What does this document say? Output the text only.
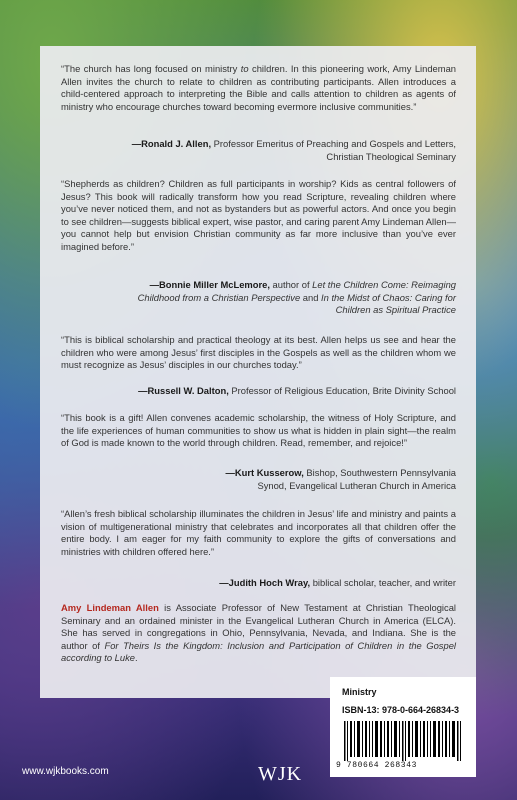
“The church has long focused on ministry to children. In this pioneering work, Amy Lindeman Allen invites the church to relate to children as contributing participants. Allen introduces a child-centered approach to interpreting the Bible and calls attention to children as agents of ministry who encourage churches toward becoming evermore inclusive communities.”
—Ronald J. Allen, Professor Emeritus of Preaching and Gospels and Letters, Christian Theological Seminary
“Shepherds as children? Children as full participants in worship? Kids as central followers of Jesus? This book will radically transform how you read Scripture, revealing children where you’ve never noticed them, and not as bystanders but as powerful actors. And once you begin to see children—suggests biblical expert, wise pastor, and caring parent Amy Lindeman Allen—you cannot help but envision Christian community as far more inclusive than you’ve ever imagined before.”
—Bonnie Miller McLemore, author of Let the Children Come: Reimaging Childhood from a Christian Perspective and In the Midst of Chaos: Caring for Children as Spiritual Practice
“This is biblical scholarship and practical theology at its best. Allen helps us see and hear the children who were among Jesus’ first disciples in the Gospels as well as the children whom we must recognize as Jesus’ disciples in our churches today.”
—Russell W. Dalton, Professor of Religious Education, Brite Divinity School
“This book is a gift! Allen convenes academic scholarship, the witness of Holy Scripture, and the life experiences of human communities to show us what is hidden in plain sight—the realm of God is made known to the world through children. Read, remember, and rejoice!”
—Kurt Kusserow, Bishop, Southwestern Pennsylvania Synod, Evangelical Lutheran Church in America
“Allen’s fresh biblical scholarship illuminates the children in Jesus’ life and ministry and paints a vision of multigenerational ministry that celebrates and incorporates all that children offer the entire body. I am eager for my faith community to explore the gifts of conversations and ministries with children offered here.”
—Judith Hoch Wray, biblical scholar, teacher, and writer
Amy Lindeman Allen is Associate Professor of New Testament at Christian Theological Seminary and an ordained minister in the Evangelical Lutheran Church in America (ELCA). She has served in congregations in Ohio, Pennsylvania, Nevada, and Indiana. She is the author of For Theirs Is the Kingdom: Inclusion and Participation of Children in the Gospel according to Luke.
Ministry
ISBN-13: 978-0-664-26834-3
9 780664 268343
www.wjkbooks.com	WJK
